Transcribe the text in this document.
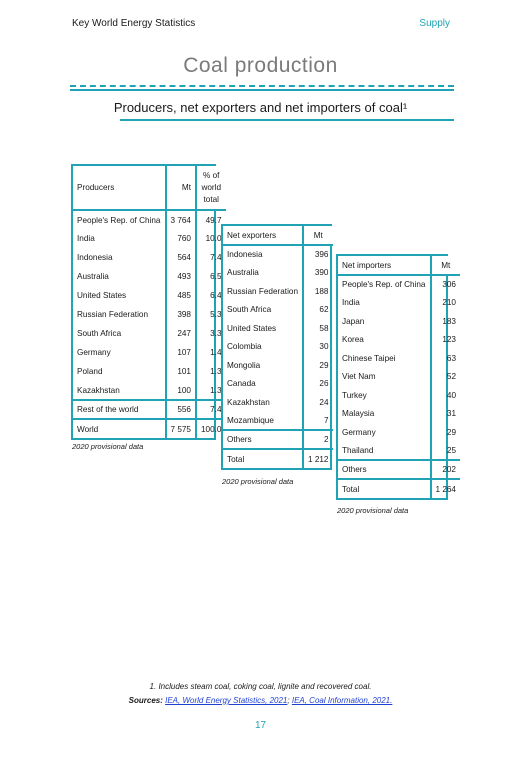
Key World Energy Statistics	Supply
Coal production
Producers, net exporters and net importers of coal¹
Producers	Mt	% of
world
total

People's Rep. of China	3 764	49.7
India	760	10.0
Indonesia	564	7.4
Australia	493	6.5
United States	485	6.4
Russian Federation	398	5.3
South Africa	247	3.3
Germany	107	1.4
Poland	101	1.3
Kazakhstan	100	1.3
Rest of the world	556	7.4
World	7 575	100.0
2020 provisional data
Net exporters	Mt
Indonesia	396
Australia	390
Russian Federation	188
South Africa	62
United States	58
Colombia	30
Mongolia	29
Canada	26
Kazakhstan	24
Mozambique	7
Others	2
Total	1 212
2020 provisional data
Net importers	Mt
People's Rep. of China	306
India	210
Japan	183
Korea	123
Chinese Taipei	63
Viet Nam	52
Turkey	40
Malaysia	31
Germany	29
Thailand	25
Others	202
Total	1 264
2020 provisional data
1. Includes steam coal, coking coal, lignite and recovered coal.
Sources: IEA, World Energy Statistics, 2021; IEA, Coal Information, 2021.
17
